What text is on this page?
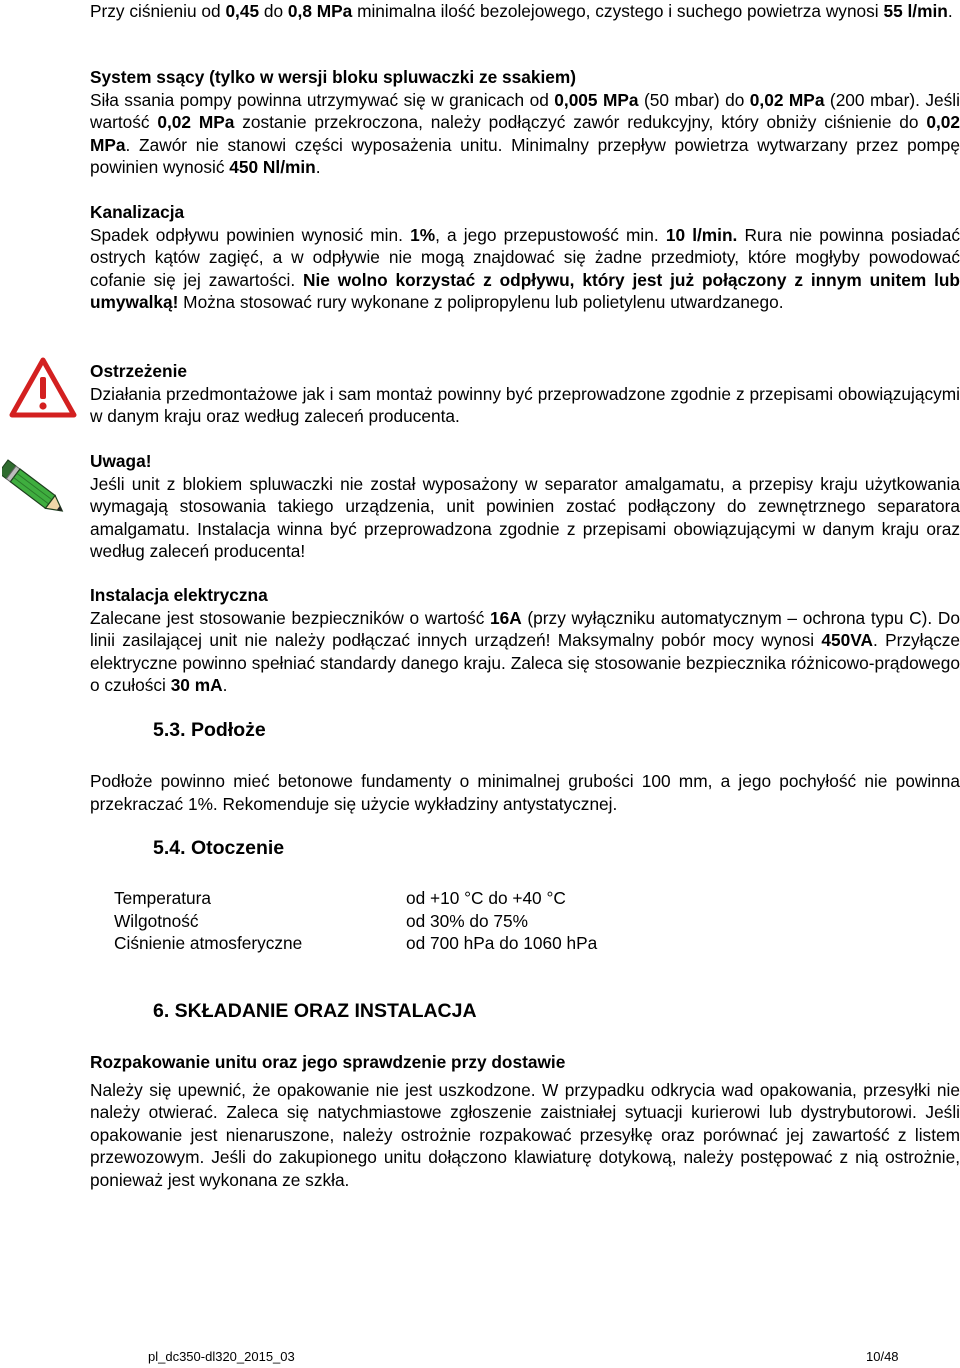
Przy ciśnieniu od 0,45 do 0,8 MPa minimalna ilość bezolejowego, czystego i suchego powietrza wynosi 55 l/min.

System ssący (tylko w wersji bloku spluwaczki ze ssakiem)

Siła ssania pompy powinna utrzymywać się w granicach od 0,005 MPa (50 mbar) do 0,02 MPa (200 mbar). Jeśli wartość 0,02 MPa zostanie przekroczona, należy podłączyć zawór redukcyjny, który obniży ciśnienie do 0,02 MPa. Zawór nie stanowi części wyposażenia unitu. Minimalny przepływ powietrza wytwarzany przez pompę powinien wynosić 450 Nl/min.

Kanalizacja

Spadek odpływu powinien wynosić min. 1%, a jego przepustowość min. 10 l/min. Rura nie powinna posiadać ostrych kątów zagięć, a w odpływie nie mogą znajdować się żadne przedmioty, które mogłyby powodować cofanie się jej zawartości. Nie wolno korzystać z odpływu, który jest już połączony z innym unitem lub umywalką! Można stosować rury wykonane z polipropylenu lub polietylenu utwardzanego.

Ostrzeżenie

Działania przedmontażowe jak i sam montaż powinny być przeprowadzone zgodnie z przepisami obowiązującymi w danym kraju oraz według zaleceń producenta.

Uwaga!

Jeśli unit z blokiem spluwaczki nie został wyposażony w separator amalgamatu, a przepisy kraju użytkowania wymagają stosowania takiego urządzenia, unit powinien zostać podłączony do zewnętrznego separatora amalgamatu. Instalacja winna być przeprowadzona zgodnie z przepisami obowiązującymi w danym kraju oraz według zaleceń producenta!

Instalacja elektryczna

Zalecane jest stosowanie bezpieczników o wartość 16A (przy wyłączniku automatycznym – ochrona typu C). Do linii zasilającej unit nie należy podłączać innych urządzeń! Maksymalny pobór mocy wynosi 450VA. Przyłącze elektryczne powinno spełniać standardy danego kraju. Zaleca się stosowanie bezpiecznika różnicowo-prądowego o czułości 30 mA.

5.3. Podłoże

Podłoże powinno mieć betonowe fundamenty o minimalnej grubości 100 mm, a jego pochyłość nie powinna przekraczać 1%. Rekomenduje się użycie wykładziny antystatycznej.

5.4. Otoczenie
Temperatura	od +10 °C do +40 °C
Wilgotność	od 30% do 75%
Ciśnienie atmosferyczne	od 700 hPa do 1060 hPa
6. SKŁADANIE ORAZ INSTALACJA

Rozpakowanie unitu oraz jego sprawdzenie przy dostawie

Należy się upewnić, że opakowanie nie jest uszkodzone. W przypadku odkrycia wad opakowania, przesyłki nie należy otwierać. Zaleca się natychmiastowe zgłoszenie zaistniałej sytuacji kurierowi lub dystrybutorowi. Jeśli opakowanie jest nienaruszone, należy ostrożnie rozpakować przesyłkę oraz porównać jej zawartość z listem przewozowym. Jeśli do zakupionego unitu dołączono klawiaturę dotykową, należy postępować z nią ostrożnie, ponieważ jest wykonana ze szkła.

pl_dc350-dl320_2015_03	10/48
